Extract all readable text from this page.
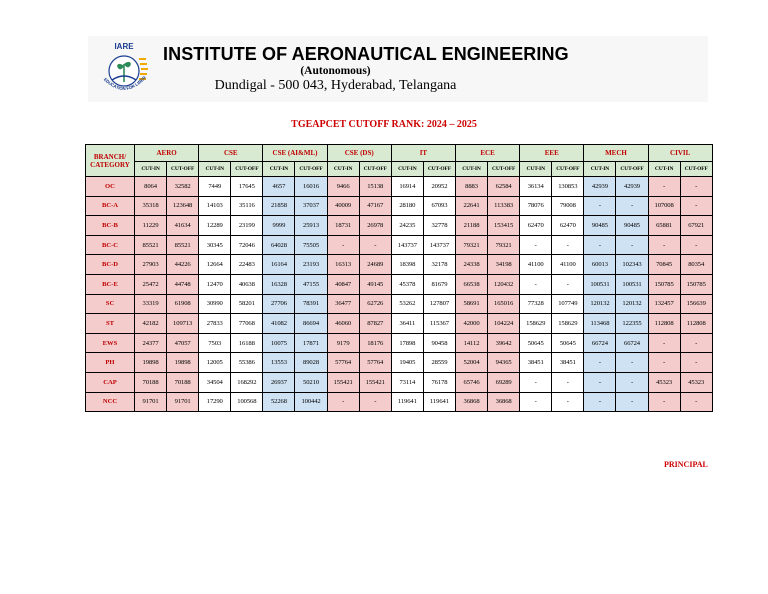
IARE
EDUCATION FOR LIBER
INSTITUTE OF AERONAUTICAL ENGINEERING
(Autonomous)
Dundigal - 500 043, Hyderabad, Telangana
TGEAPCET CUTOFF RANK: 2024 – 2025
BRANCH/ CATEGORY	AERO		CSE		CSE (AI&ML)		CSE (DS)		IT		ECE		EEE		MECH		CIVIL	
	CUT-IN	CUT-OFF	CUT-IN	CUT-OFF	CUT-IN	CUT-OFF	CUT-IN	CUT-OFF	CUT-IN	CUT-OFF	CUT-IN	CUT-OFF	CUT-IN	CUT-OFF	CUT-IN	CUT-OFF	CUT-IN	CUT-OFF
OC	8064	32582	7449	17645	4657	16016	9466	15138	16914	20952	8883	62584	36134	130853	42939	42939	-	-
BC-A	35318	123648	14103	35116	21858	37037	40009	47167	28180	67093	22641	113383	78076	79008	-	-	107008	-
BC-B	11229	41634	12289	23199	9999	25913	18731	26978	24235	32778	21188	153415	62470	62470	90485	90485	65881	67921
BC-C	85521	85521	30345	72046	64028	75505	-	-	143737	143737	79321	79321	-	-	-	-	-	-
BC-D	27903	44226	12664	22483	16164	23193	16313	24689	18398	32178	24338	34198	41100	41100	60013	102343	70845	80354
BC-E	25472	44748	12470	40638	16328	47155	40847	49145	45378	81679	66538	120432	-	-	100531	100531	150785	150785
SC	33319	61908	30990	58201	27706	78391	36477	62726	53262	127807	58691	165016	77328	107749	120132	120132	132457	156639
ST	42182	109713	27833	77068	41082	86694	46060	87827	36411	115367	42000	104224	158629	158629	113468	122355	112808	112808
EWS	24377	47057	7503	16188	10075	17871	9179	18176	17898	90458	14112	39642	50645	50645	66724	66724	-	-
PH	19898	19898	12005	55386	13553	89028	57764	57764	19405	28559	52004	94365	38451	38451	-	-	-	-
CAP	70188	70188	34504	168292	26937	50210	155421	155421	73114	76178	65746	69289	-	-	-	-	45323	45323
NCC	91701	91701	17290	100568	52268	100442	-	-	119641	119641	36868	36868	-	-	-	-	-	-
PRINCIPAL
